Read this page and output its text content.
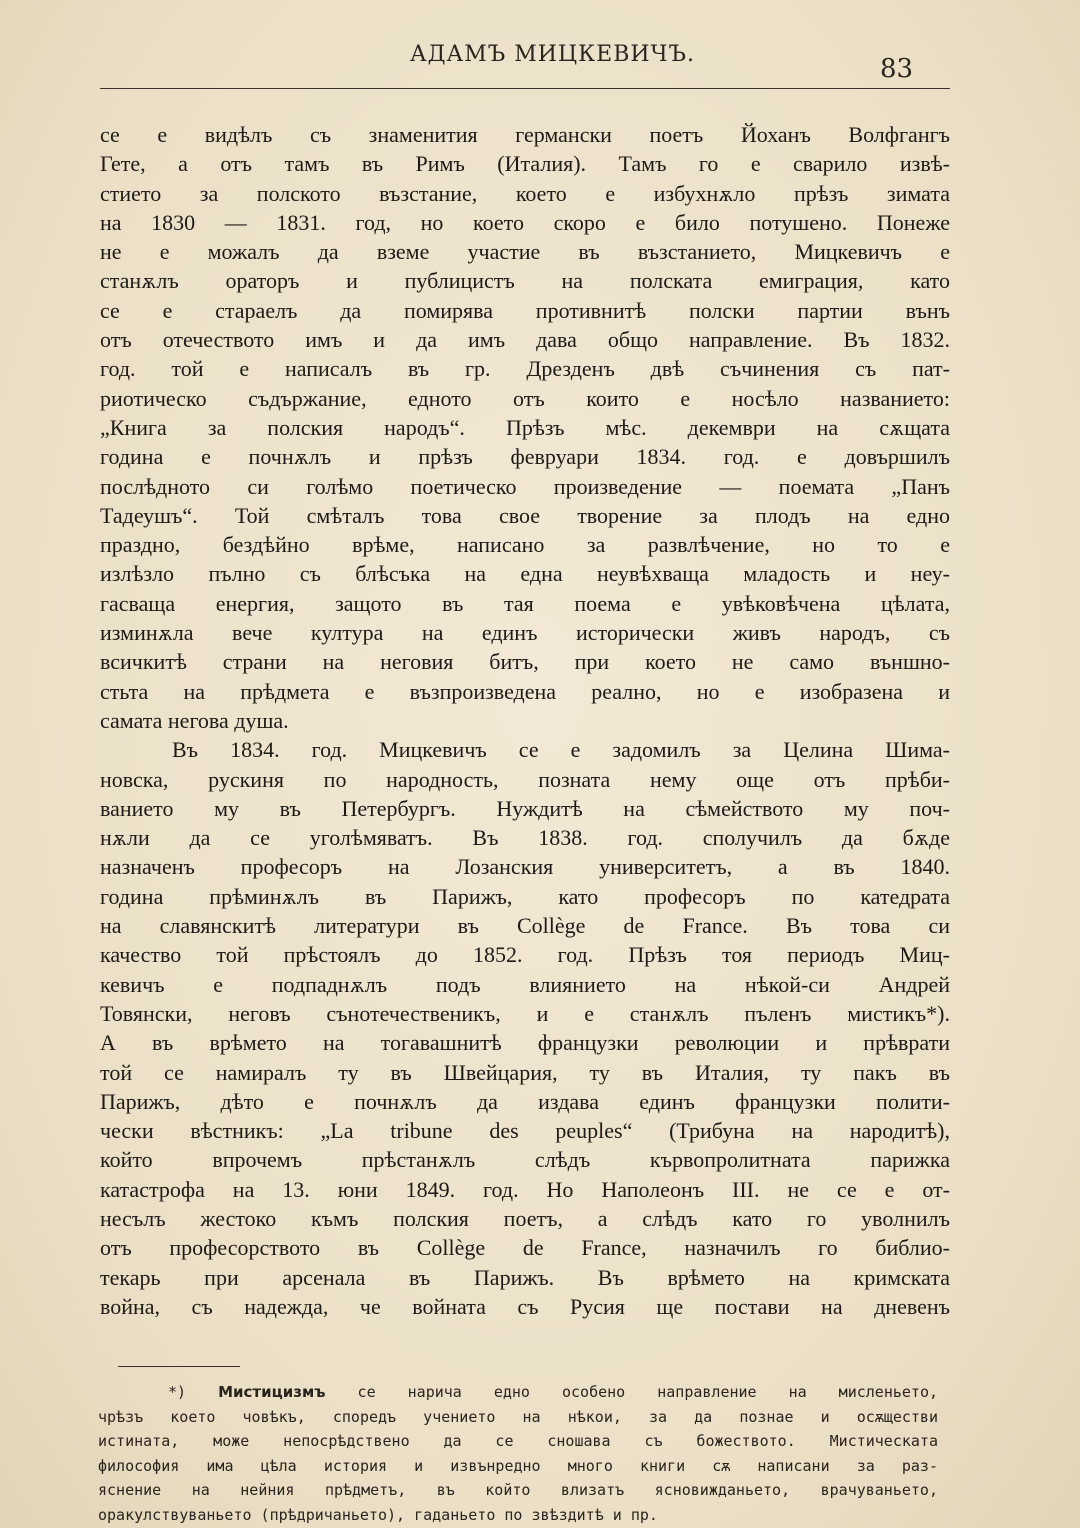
АДАМЪ МИЦКЕВИЧЪ.	83
се е видѣлъ съ знаменития германски поетъ Йоханъ Волфгангъ
Гете, а отъ тамъ въ Римъ (Италия). Тамъ го е сварило извѣ-
стието за полското възстание, което е избухнѫло прѣзъ зимата
на 1830 — 1831. год, но което скоро е било потушено. Понеже
не е можалъ да вземе участие въ възстанието, Мицкевичъ е
станѫлъ ораторъ и публицистъ на полската емиграция, като
се е стараелъ да помирява противнитѣ полски партии вънъ
отъ отечеството имъ и да имъ дава общо направление. Въ 1832.
год. той е написалъ въ гр. Дрезденъ двѣ съчинения съ пат-
риотическо съдържание, едното отъ които е носѣло названието:
„Книга за полския народъ“. Прѣзъ мѣс. декември на сѫщата
година е почнѫлъ и прѣзъ февруари 1834. год. е довършилъ
послѣдното си голѣмо поетическо произведение — поемата „Панъ
Тадеушъ“. Той смѣталъ това свое творение за плодъ на едно
праздно, бездѣйно врѣме, написано за развлѣчение, но то е
излѣзло пълно съ блѣсъка на една неувѣхваща младость и неу-
гасваща енергия, защото въ тая поема е увѣковѣчена цѣлата,
изминѫла вече култура на единъ исторически живъ народъ, съ
всичкитѣ страни на неговия битъ, при което не само външно-
стьта на прѣдмета е възпроизведена реално, но е изобразена и
самата негова душа.
Въ 1834. год. Мицкевичъ се е задомилъ за Целина Шима-
новска, рускиня по народность, позната нему още отъ прѣби-
ванието му въ Петербургъ. Нуждитѣ на сѣмейството му поч-
нѫли да се уголѣмяватъ. Въ 1838. год. сполучилъ да бѫде
назначенъ професоръ на Лозанския университетъ, а въ 1840.
година прѣминѫлъ въ Парижъ, като професоръ по катедрата
на славянскитѣ литератури въ Collège de France. Въ това си
качество той прѣстоялъ до 1852. год. Прѣзъ тоя периодъ Миц-
кевичъ е подпаднѫлъ подъ влиянието на нѣкой-си Андрей
Товянски, неговъ сънотечественикъ, и е станѫлъ пъленъ мистикъ*).
А въ врѣмето на тогавашнитѣ французки революции и прѣврати
той се намиралъ ту въ Швейцария, ту въ Италия, ту пакъ въ
Парижъ, дѣто е почнѫлъ да издава единъ французки полити-
чески вѣстникъ: „La tribune des peuples“ (Трибуна на народитѣ),
който впрочемъ прѣстанѫлъ слѣдъ кървопролитната парижка
катастрофа на 13. юни 1849. год. Но Наполеонъ III. не се е от-
несълъ жестоко къмъ полския поетъ, а слѣдъ като го уволнилъ
отъ професорството въ Collège de France, назначилъ го библио-
текарь при арсенала въ Парижъ. Въ врѣмето на кримската
война, съ надежда, че войната съ Русия ще постави на дневенъ
*) Мистицизмъ се нарича едно особено направление на мисленьето,
чрѣзъ което човѣкъ, споредъ учението на нѣкои, за да познае и осѫществи
истината, може непосрѣдствено да се сношава съ божеството. Мистическата
философия има цѣла история и извънредно много книги сѫ написани за раз-
яснение на нейния прѣдметъ, въ който влизатъ ясновижданьето, врачуваньето,
оракулствуваньето (прѣдричаньето), гаданьето по звѣздитѣ и пр.
